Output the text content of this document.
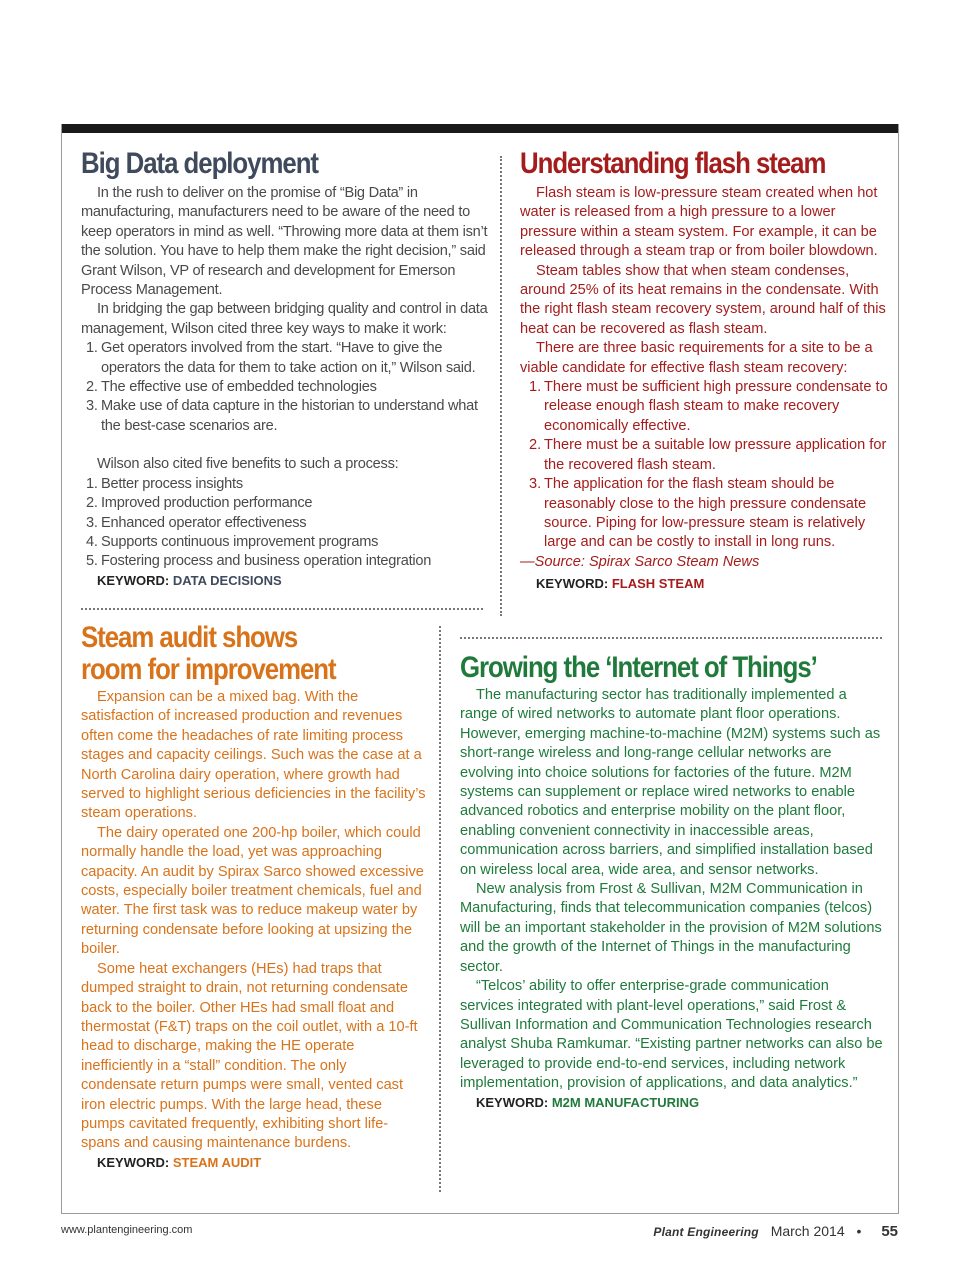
Big Data deployment

In the rush to deliver on the promise of “Big Data” in manufacturing, manufacturers need to be aware of the need to keep operators in mind as well. “Throwing more data at them isn’t the solution. You have to help them make the right decision,” said Grant Wilson, VP of research and development for Emerson Process Management.

In bridging the gap between bridging quality and control in data management, Wilson cited three key ways to make it work:

1. Get operators involved from the start. “Have to give the operators the data for them to take action on it,” Wilson said.
2. The effective use of embedded technologies
3. Make use of data capture in the historian to understand what the best-case scenarios are.

Wilson also cited five benefits to such a process:

1. Better process insights
2. Improved production performance
3. Enhanced operator effectiveness
4. Supports continuous improvement programs
5. Fostering process and business operation integration
KEYWORD: DATA DECISIONS
Understanding flash steam

Flash steam is low-pressure steam created when hot water is released from a high pressure to a lower pressure within a steam system. For example, it can be released through a steam trap or from boiler blowdown.

Steam tables show that when steam condenses, around 25% of its heat remains in the condensate. With the right flash steam recovery system, around half of this heat can be recovered as flash steam.

There are three basic requirements for a site to be a viable candidate for effective flash steam recovery:

1. There must be sufficient high pressure condensate to release enough flash steam to make recovery economically effective.
2. There must be a suitable low pressure application for the recovered flash steam.
3. The application for the flash steam should be reasonably close to the high pressure condensate source. Piping for low-pressure steam is relatively large and can be costly to install in long runs.
—Source: Spirax Sarco Steam News
KEYWORD: FLASH STEAM
Steam audit shows
room for improvement

Expansion can be a mixed bag. With the satisfaction of increased production and revenues often come the headaches of rate limiting process stages and capacity ceilings. Such was the case at a North Carolina dairy operation, where growth had served to highlight serious deficiencies in the facility’s steam operations.

The dairy operated one 200-hp boiler, which could normally handle the load, yet was approaching capacity. An audit by Spirax Sarco showed excessive costs, especially boiler treatment chemicals, fuel and water. The first task was to reduce makeup water by returning condensate before looking at upsizing the boiler.

Some heat exchangers (HEs) had traps that dumped straight to drain, not returning condensate back to the boiler. Other HEs had small float and thermostat (F&T) traps on the coil outlet, with a 10-ft head to discharge, making the HE operate inefficiently in a “stall” condition. The only condensate return pumps were small, vented cast iron electric pumps. With the large head, these pumps cavitated frequently, exhibiting short life-spans and causing maintenance burdens.

KEYWORD: STEAM AUDIT
Growing the ‘Internet of Things’

The manufacturing sector has traditionally implemented a range of wired networks to automate plant floor operations. However, emerging machine-to-machine (M2M) systems such as short-range wireless and long-range cellular networks are evolving into choice solutions for factories of the future. M2M systems can supplement or replace wired networks to enable advanced robotics and enterprise mobility on the plant floor, enabling convenient connectivity in inaccessible areas, communication across barriers, and simplified installation based on wireless local area, wide area, and sensor networks.

New analysis from Frost & Sullivan, M2M Communication in Manufacturing, finds that telecommunication companies (telcos) will be an important stakeholder in the provision of M2M solutions and the growth of the Internet of Things in the manufacturing sector.

“Telcos’ ability to offer enterprise-grade communication services integrated with plant-level operations,” said Frost & Sullivan Information and Communication Technologies research analyst Shuba Ramkumar. “Existing partner networks can also be leveraged to provide end-to-end services, including network implementation, provision of applications, and data analytics.”

KEYWORD: M2M MANUFACTURING
www.plantengineering.com	Plant Engineering March 2014 • 55
